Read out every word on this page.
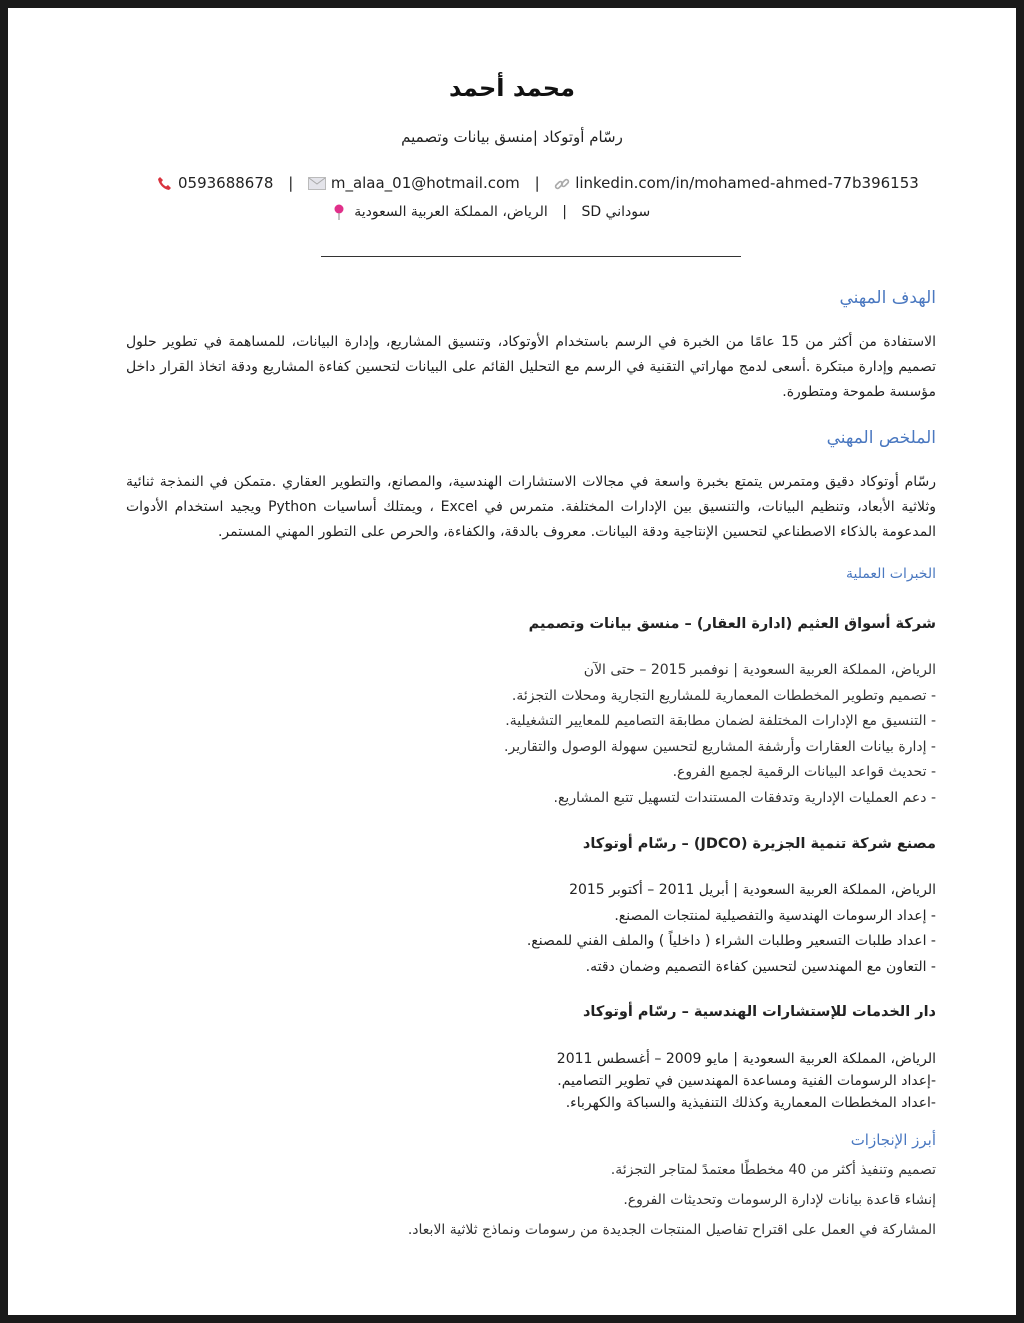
محمد أحمد
رسّام أوتوكاد |منسق بيانات وتصميم
0593688678 |	m_alaa_01@hotmail.com | linkedin.com/in/mohamed-ahmed-77b396153
سوداني SD | الرياض، المملكة العربية السعودية
الهدف المهني
الاستفادة من أكثر من 15 عامًا من الخبرة في الرسم باستخدام الأوتوكاد، وتنسيق المشاريع، وإدارة البيانات، للمساهمة في تطوير حلول تصميم وإدارة مبتكرة .أسعى لدمج مهاراتي التقنية في الرسم مع التحليل القائم على البيانات لتحسين كفاءة المشاريع ودقة اتخاذ القرار داخل مؤسسة طموحة ومتطورة.
الملخص المهني
رسّام أوتوكاد دقيق ومتمرس يتمتع بخبرة واسعة في مجالات الاستشارات الهندسية، والمصانع، والتطوير العقاري .متمكن في النمذجة ثنائية وثلاثية الأبعاد، وتنظيم البيانات، والتنسيق بين الإدارات المختلفة. متمرس في Excel ، ويمتلك أساسيات Python ويجيد استخدام الأدوات المدعومة بالذكاء الاصطناعي لتحسين الإنتاجية ودقة البيانات. معروف بالدقة، والكفاءة، والحرص على التطور المهني المستمر.
الخبرات العملية
شركة أسواق العثيم (ادارة العقار) – منسق بيانات وتصميم
الرياض، المملكة العربية السعودية | نوفمبر 2015 – حتى الآن
- تصميم وتطوير المخططات المعمارية للمشاريع التجارية ومحلات التجزئة.
- التنسيق مع الإدارات المختلفة لضمان مطابقة التصاميم للمعايير التشغيلية.
- إدارة بيانات العقارات وأرشفة المشاريع لتحسين سهولة الوصول والتقارير.
- تحديث قواعد البيانات الرقمية لجميع الفروع.
- دعم العمليات الإدارية وتدفقات المستندات لتسهيل تتبع المشاريع.
مصنع شركة تنمية الجزيرة (JDCO) – رسّام أوتوكاد
الرياض، المملكة العربية السعودية | أبريل 2011 – أكتوبر 2015
- إعداد الرسومات الهندسية والتفصيلية لمنتجات المصنع.
- اعداد طلبات التسعير وطلبات الشراء ( داخلياً ) والملف الفني للمصنع.
- التعاون مع المهندسين لتحسين كفاءة التصميم وضمان دقته.
دار الخدمات للإستشارات الهندسية – رسّام أوتوكاد
الرياض، المملكة العربية السعودية | مايو 2009 – أغسطس 2011
-إعداد الرسومات الفنية ومساعدة المهندسين في تطوير التصاميم.
-اعداد المخططات المعمارية وكذلك التنفيذية والسباكة والكهرباء.
أبرز الإنجازات
تصميم وتنفيذ أكثر من 40 مخططًا معتمدً لمتاجر التجزئة.
إنشاء قاعدة بيانات لإدارة الرسومات وتحديثات الفروع.
المشاركة في العمل على اقتراح تفاصيل المنتجات الجديدة من رسومات ونماذج ثلاثية الابعاد.
